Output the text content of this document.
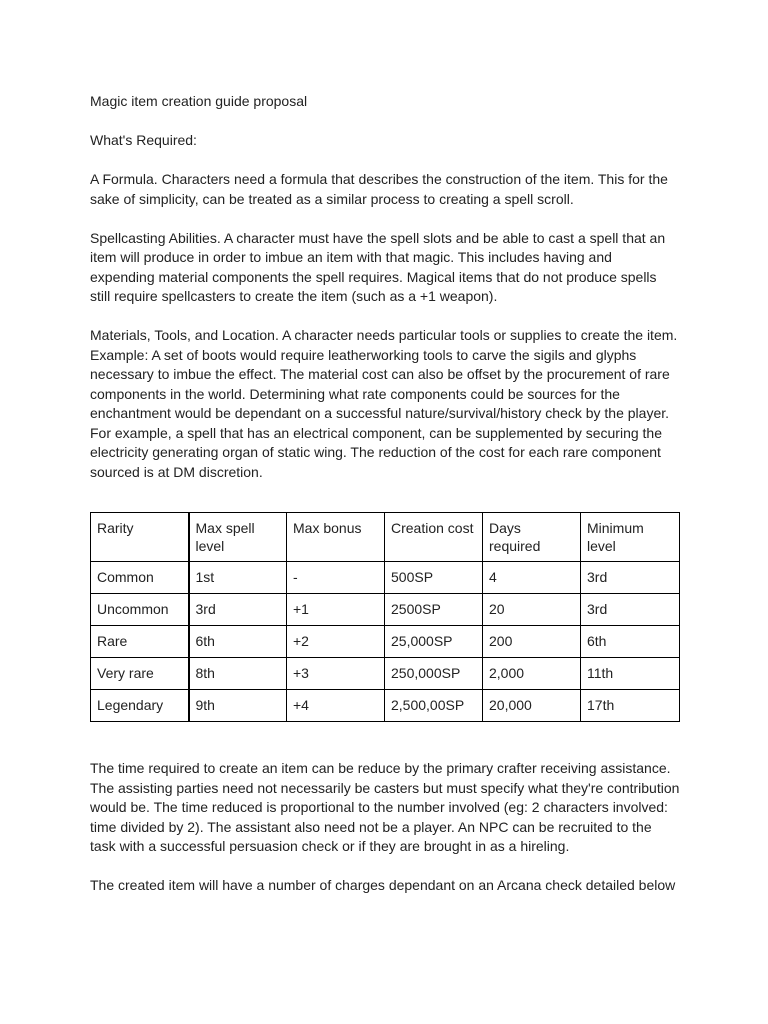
Magic item creation guide proposal

What's Required:

A Formula. Characters need a formula that describes the construction of the item. This for the sake of simplicity, can be treated as a similar process to creating a spell scroll.

Spellcasting Abilities. A character must have the spell slots and be able to cast a spell that an item will produce in order to imbue an item with that magic. This includes having and expending material components the spell requires. Magical items that do not produce spells still require spellcasters to create the item (such as a +1 weapon).

Materials, Tools, and Location. A character needs particular tools or supplies to create the item. Example: A set of boots would require leatherworking tools to carve the sigils and glyphs necessary to imbue the effect. The material cost can also be offset by the procurement of rare components in the world. Determining what rate components could be sources for the enchantment would be dependant on a successful nature/survival/history check by the player. For example, a spell that has an electrical component, can be supplemented by securing the electricity generating organ of static wing. The reduction of the cost for each rare component sourced is at DM discretion.

Rarity	Max spell level	Max bonus	Creation cost	Days required	Minimum level
Common	1st	-	500SP	4	3rd
Uncommon	3rd	+1	2500SP	20	3rd
Rare	6th	+2	25,000SP	200	6th
Very rare	8th	+3	250,000SP	2,000	11th
Legendary	9th	+4	2,500,00SP	20,000	17th

The time required to create an item can be reduce by the primary crafter receiving assistance. The assisting parties need not necessarily be casters but must specify what they're contribution would be. The time reduced is proportional to the number involved (eg: 2 characters involved: time divided by 2). The assistant also need not be a player. An NPC can be recruited to the task with a successful persuasion check or if they are brought in as a hireling.

The created item will have a number of charges dependant on an Arcana check detailed below
